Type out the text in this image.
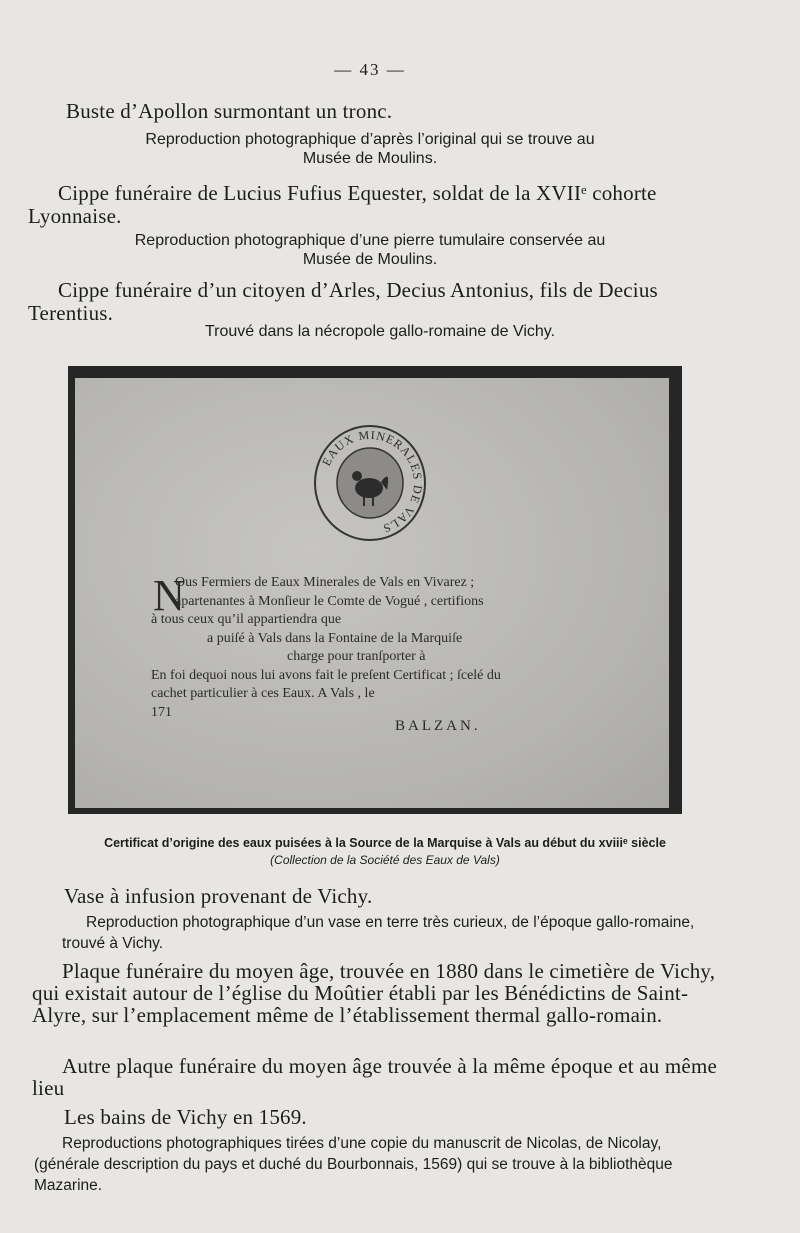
— 43 —
Buste d’Apollon surmontant un tronc.
Reproduction photographique d’après l’original qui se trouve au
Musée de Moulins.
Cippe funéraire de Lucius Fufius Equester, soldat de la XVIIᵉ cohorte Lyonnaise.
Reproduction photographique d’une pierre tumulaire conservée au
Musée de Moulins.
Cippe funéraire d’un citoyen d’Arles, Decius Antonius, fils de Decius Terentius.
Trouvé dans la nécropole gallo-romaine de Vichy.
EAUX MINERALES DE VALS
N
Ous Fermiers de Eaux Minerales de Vals en Vivarez ;
apartenantes à Monſieur le Comte de Vogué , certifions
à tous ceux qu’il appartiendra que
a puiſé à Vals dans la Fontaine de la Marquiſe
charge pour tranſporter à
En foi dequoi nous lui avons fait le preſent Certificat ; ſcelé du
cachet particulier à ces Eaux. A Vals , le
171
BALZAN.
Certificat d’origine des eaux puisées à la Source de la Marquise à Vals au début du xviiiᵉ siècle
(Collection de la Société des Eaux de Vals)
Vase à infusion provenant de Vichy.
Reproduction photographique d’un vase en terre très curieux, de l’époque gallo-romaine, trouvé à Vichy.
Plaque funéraire du moyen âge, trouvée en 1880 dans le cimetière de Vichy, qui existait autour de l’église du Moûtier établi par les Bénédictins de Saint-Alyre, sur l’emplacement même de l’établissement thermal gallo-romain.
Autre plaque funéraire du moyen âge trouvée à la même époque et au même lieu
Les bains de Vichy en 1569.
Reproductions photographiques tirées d’une copie du manuscrit de Nicolas, de Nicolay, (générale description du pays et duché du Bourbonnais, 1569) qui se trouve à la bibliothèque Mazarine.
